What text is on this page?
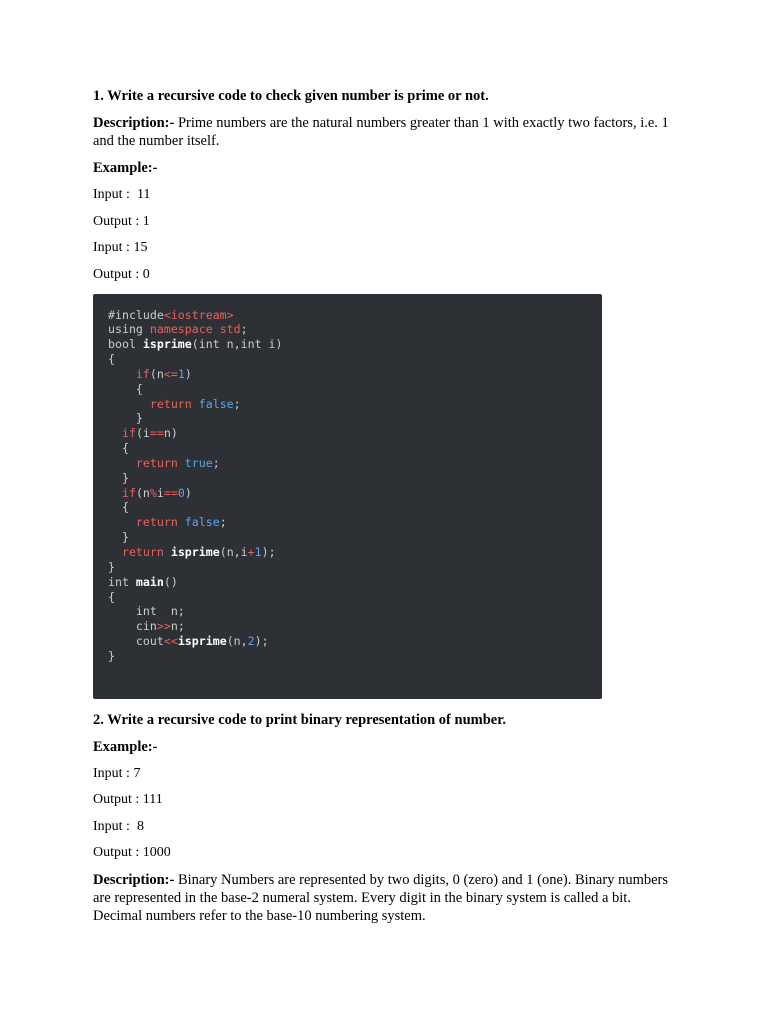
1. Write a recursive code to check given number is prime or not.
Description:- Prime numbers are the natural numbers greater than 1 with exactly two factors, i.e. 1 and the number itself.
Example:-
Input :  11
Output : 1
Input : 15
Output : 0
#include<iostream>
using namespace std;
bool isprime(int n,int i)
{
if(n<=1)
{
return false;
}
if(i==n)
{
return true;
}
if(n%i==0)
{
return false;
}
return isprime(n,i+1);
}
int main()
{
int  n;
cin>>n;
cout<<isprime(n,2);
}
2. Write a recursive code to print binary representation of number.
Example:-
Input : 7
Output : 111
Input :  8
Output : 1000
Description:- Binary Numbers are represented by two digits, 0 (zero) and 1 (one). Binary numbers are represented in the base-2 numeral system. Every digit in the binary system is called a bit. Decimal numbers refer to the base-10 numbering system.
